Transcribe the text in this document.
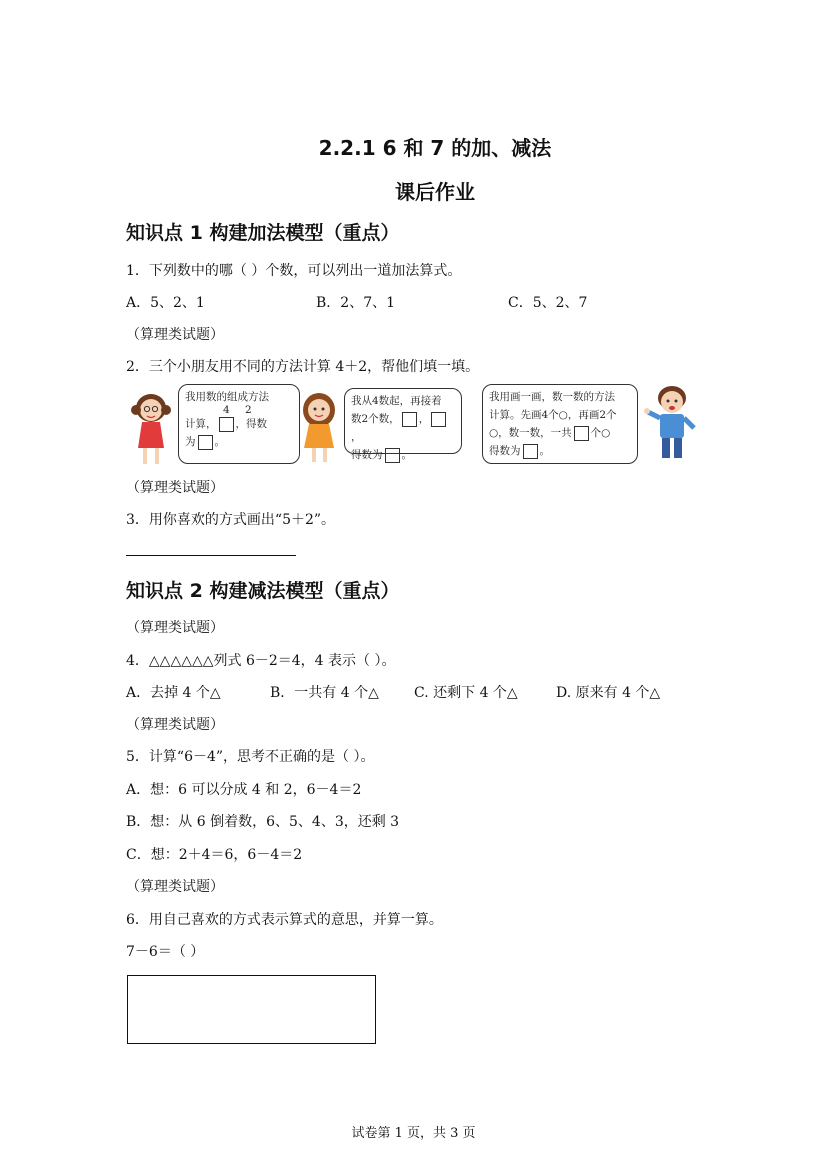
2.2.1 6 和 7 的加、减法
课后作业
知识点 1 构建加法模型（重点）
1．下列数中的哪（ ）个数，可以列出一道加法算式。
A．5、2、1	B．2、7、1	C．5、2、7
（算理类试题）
2．三个小朋友用不同的方法计算 4＋2，帮他们填一填。
我用数的组成方法
4 2
计算， ，得数
为 。
我从4数起，再接着
数2个数， ，，
得数为 。
我用画一画，数一数的方法
计算。先画4个○，再画2个
○，数一数，一共 个○
得数为 。
（算理类试题）
3．用你喜欢的方式画出“5＋2”。
知识点 2 构建减法模型（重点）
（算理类试题）
4．△△△△△△列式 6－2＝4，4 表示（ ）。
A．去掉 4 个△	B．一共有 4 个△	C. 还剩下 4 个△	D. 原来有 4 个△
（算理类试题）
5．计算“6－4”，思考不正确的是（ ）。
A．想：6 可以分成 4 和 2，6－4＝2
B．想：从 6 倒着数，6、5、4、3，还剩 3
C．想：2＋4＝6，6－4＝2
（算理类试题）
6．用自己喜欢的方式表示算式的意思，并算一算。
7－6＝（ ）
试卷第 1 页，共 3 页
